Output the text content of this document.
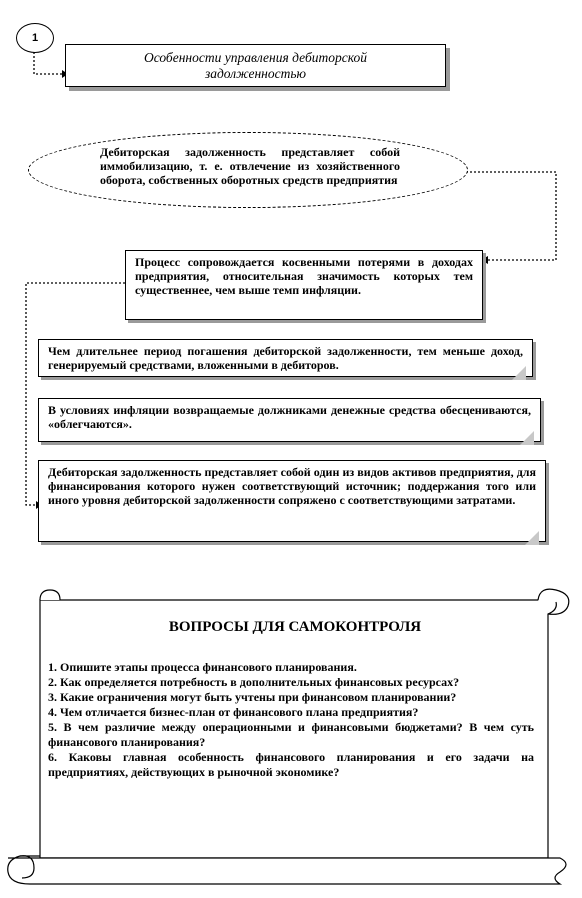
1
Особенности управления дебиторской задолженностью
Дебиторская задолженность представляет собой иммобилизацию, т. е. отвлечение из хозяйственного оборота, собственных оборотных средств предприятия
Процесс сопровождается косвенными потерями в доходах предприятия, относительная значимость которых тем существеннее, чем выше темп инфляции.
Чем длительнее период погашения дебиторской задолженности, тем меньше доход, генерируемый средствами, вложенными в дебиторов.
В условиях инфляции возвращаемые должниками денежные средства обесцениваются, «облегчаются».
Дебиторская задолженность представляет собой один из видов активов предприятия, для финансирования которого нужен соответствующий источник; поддержания того или иного уровня дебиторской задолженности сопряжено с соответствующими затратами.
ВОПРОСЫ ДЛЯ САМОКОНТРОЛЯ

1. Опишите этапы процесса финансового планирования.

2. Как определяется потребность в дополнительных финансовых ресурсах?

3. Какие ограничения могут быть учтены при финансовом планировании?

4. Чем отличается бизнес-план от финансового плана предприятия?

5. В чем различие между операционными и финансовыми бюджетами? В чем суть финансового планирования?

6. Каковы главная особенность финансового планирования и его задачи на предприятиях, действующих в рыночной экономике?
